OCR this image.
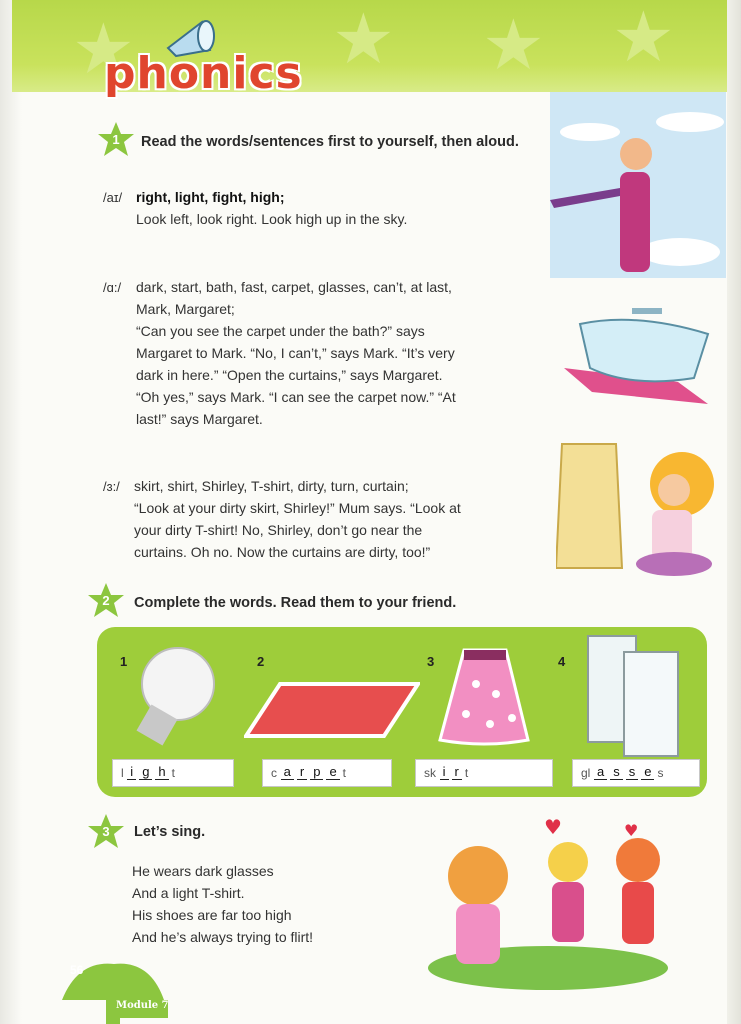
★	★ ★ ★
phonics
1	Read the words/sentences first to yourself, then aloud.
/aɪ/ right, light, fight, high;
Look left, look right. Look high up in the sky.
/ɑ:/ dark, start, bath, fast, carpet, glasses, can’t, at last,
Mark, Margaret;
“Can you see the carpet under the bath?” says
Margaret to Mark. “No, I can’t,” says Mark. “It’s very
dark in here.” “Open the curtains,” says Margaret.
“Oh yes,” says Mark. “I can see the carpet now.” “At
last!” says Margaret.
/ɜ:/ skirt, shirt, Shirley, T-shirt, dirty, turn, curtain;
“Look at your dirty skirt, Shirley!” Mum says. “Look at
your dirty T-shirt! No, Shirley, don’t go near the
curtains. Oh no. Now the curtains are dirty, too!”
2	Complete the words. Read them to your friend.
1	2	3	4
l
i g h t	c
a r p e t	sk
i r t	gl
a s s e s
3	Let’s sing.
He wears dark glasses
And a light T-shirt.
His shoes are far too high
And he’s always trying to flirt!
♥	♥
56
Module 7
